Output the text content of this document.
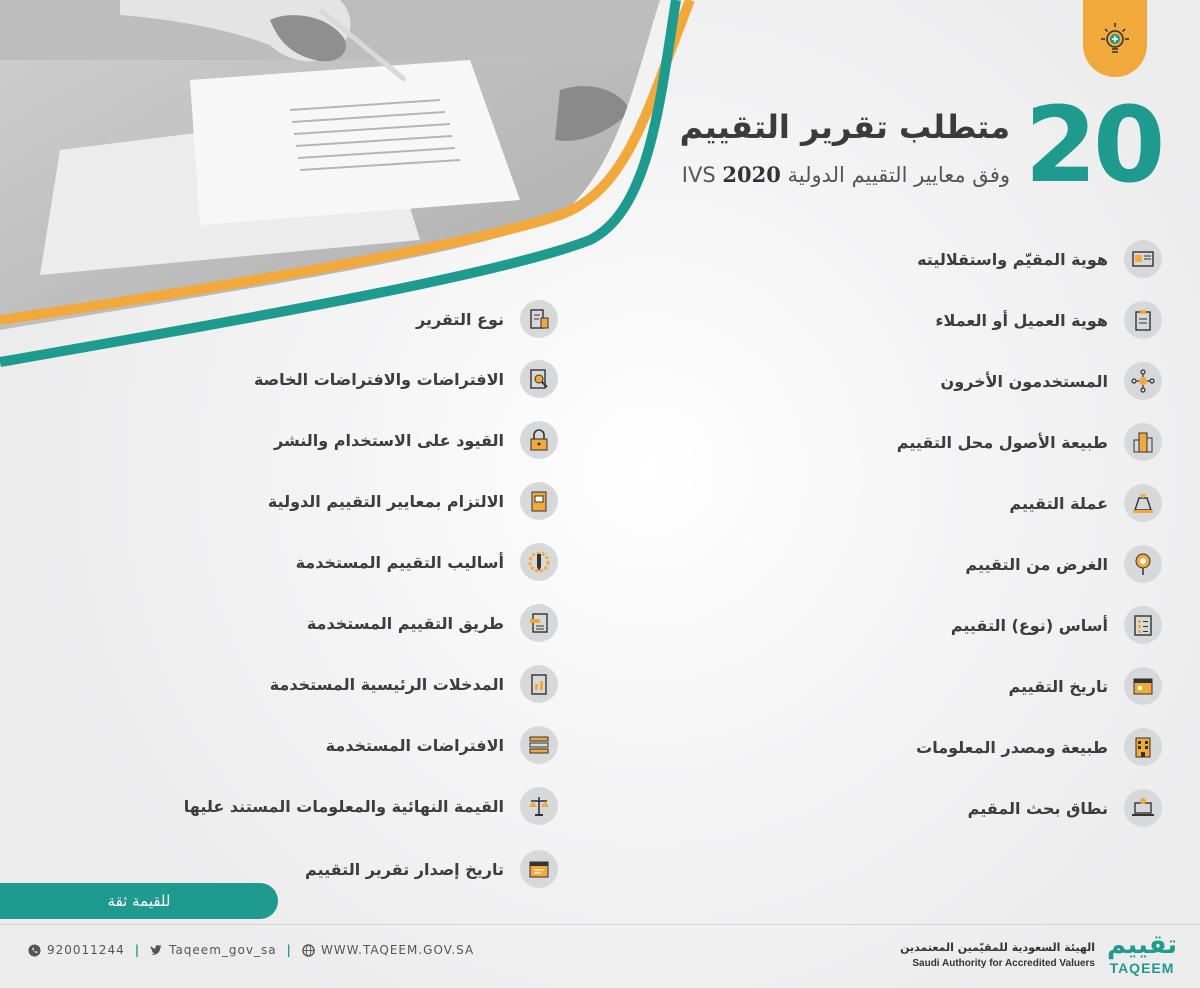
20
متطلب تقرير التقييم
وفق معايير التقييم الدولية 2020 IVS
هوية المقيّم واستقلاليته
هوية العميل أو العملاء
المستخدمون الأخرون
طبيعة الأصول محل التقييم
عملة التقييم
الغرض من التقييم
أساس (نوع) التقييم
تاريخ التقييم
طبيعة ومصدر المعلومات
نطاق بحث المقيم
نوع التقرير
الافتراضات والافتراضات الخاصة
القيود على الاستخدام والنشر
الالتزام بمعايير التقييم الدولية
أساليب التقييم المستخدمة
طريق التقييم المستخدمة
المدخلات الرئيسية المستخدمة
الافتراضات المستخدمة
القيمة النهائية والمعلومات المستند عليها
تاريخ إصدار تقرير التقييم
للقيمة ثقة
920011244 | Taqeem_gov_sa | WWW.TAQEEM.GOV.SA	الهيئة السعودية للمقيّمين المعتمدين
Saudi Authority for Accredited Valuers
تقييم
TAQEEM
